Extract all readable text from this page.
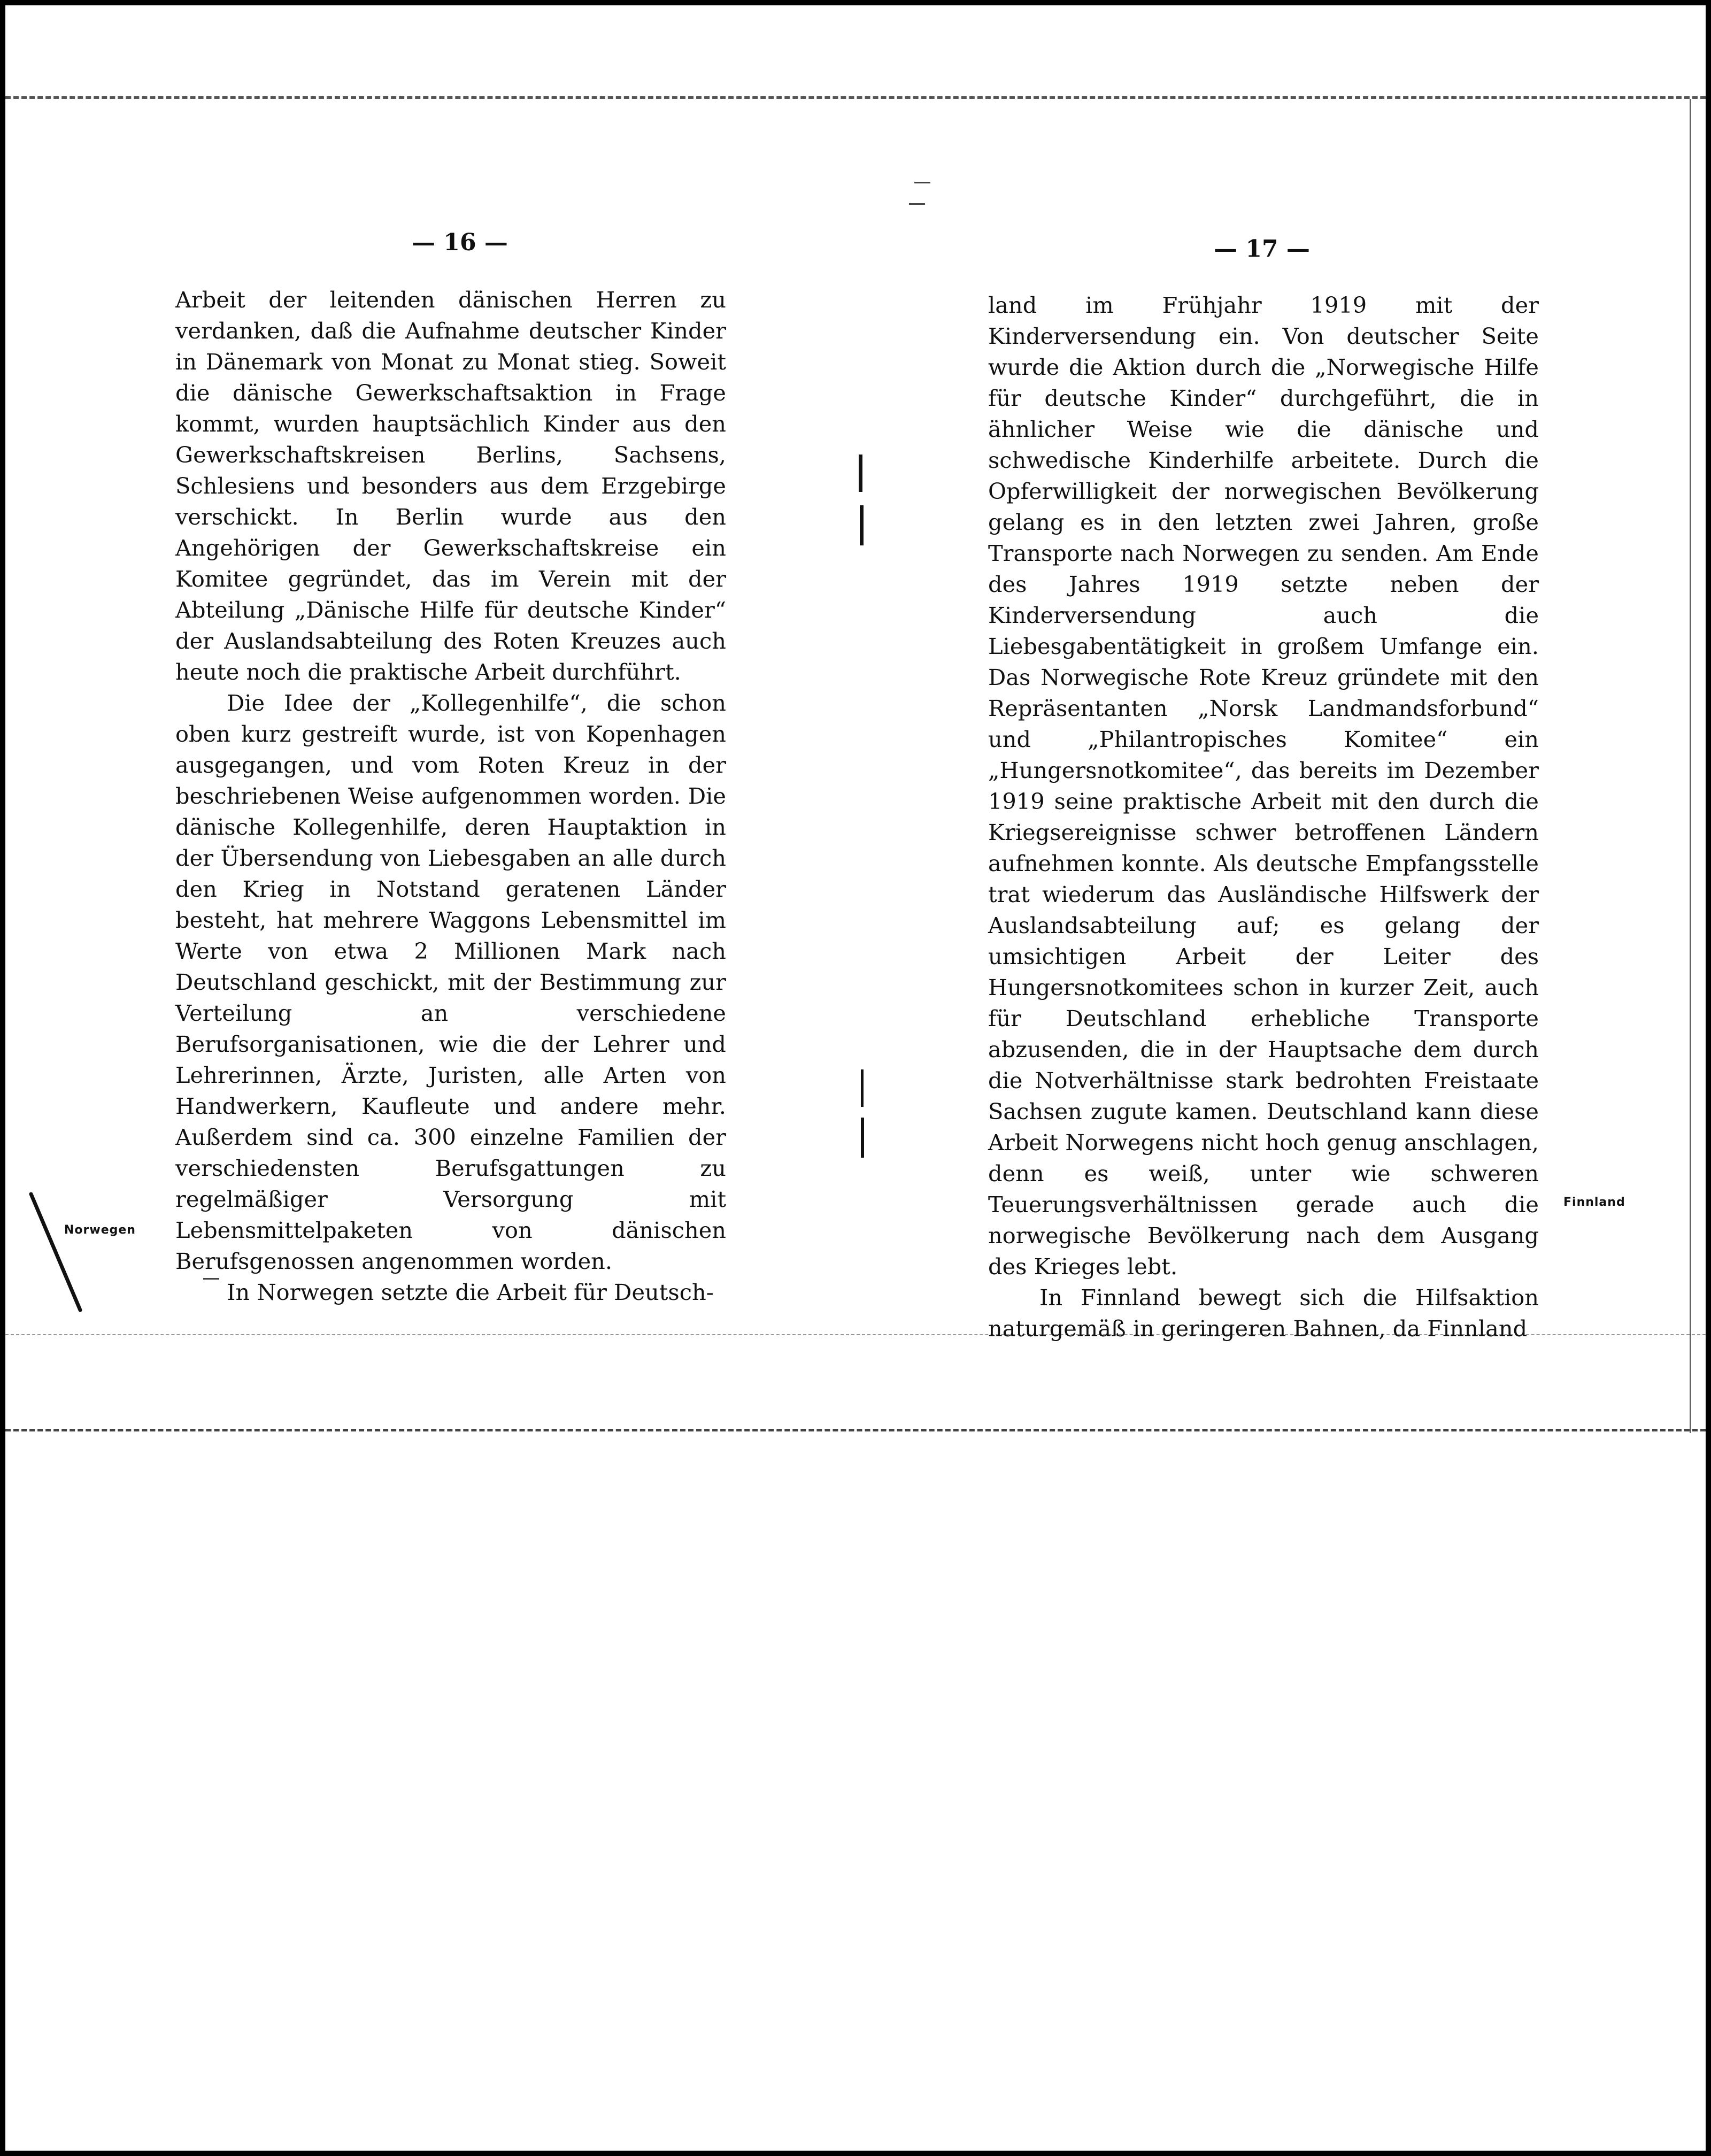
— 16 —

Arbeit der leitenden dänischen Herren zu verdanken, daß die Aufnahme deutscher Kinder in Dänemark von Monat zu Monat stieg. Soweit die dänische Gewerkschaftsaktion in Frage kommt, wurden hauptsächlich Kinder aus den Gewerkschaftskreisen Berlins, Sachsens, Schlesiens und besonders aus dem Erzgebirge verschickt. In Berlin wurde aus den Angehörigen der Gewerkschaftskreise ein Komitee gegründet, das im Verein mit der Abteilung „Dänische Hilfe für deutsche Kinder“ der Auslandsabteilung des Roten Kreuzes auch heute noch die praktische Arbeit durchführt.

Die Idee der „Kollegenhilfe“, die schon oben kurz gestreift wurde, ist von Kopenhagen ausgegangen, und vom Roten Kreuz in der beschriebenen Weise aufgenommen worden. Die dänische Kollegenhilfe, deren Hauptaktion in der Übersendung von Liebesgaben an alle durch den Krieg in Notstand geratenen Länder besteht, hat mehrere Waggons Lebensmittel im Werte von etwa 2 Millionen Mark nach Deutschland geschickt, mit der Bestimmung zur Verteilung an verschiedene Berufsorganisationen, wie die der Lehrer und Lehrerinnen, Ärzte, Juristen, alle Arten von Handwerkern, Kaufleute und andere mehr. Außerdem sind ca. 300 einzelne Familien der verschiedensten Berufsgattungen zu regelmäßiger Versorgung mit Lebensmittelpaketen von dänischen Berufsgenossen angenommen worden.

In Norwegen setzte die Arbeit für Deutsch-

Norwegen
— 17 —

land im Frühjahr 1919 mit der Kinderversendung ein. Von deutscher Seite wurde die Aktion durch die „Norwegische Hilfe für deutsche Kinder“ durchgeführt, die in ähnlicher Weise wie die dänische und schwedische Kinderhilfe arbeitete. Durch die Opferwilligkeit der norwegischen Bevölkerung gelang es in den letzten zwei Jahren, große Transporte nach Norwegen zu senden. Am Ende des Jahres 1919 setzte neben der Kinderversendung auch die Liebesgabentätigkeit in großem Umfange ein. Das Norwegische Rote Kreuz gründete mit den Repräsentanten „Norsk Landmandsforbund“ und „Philantropisches Komitee“ ein „Hungersnotkomitee“, das bereits im Dezember 1919 seine praktische Arbeit mit den durch die Kriegsereignisse schwer betroffenen Ländern aufnehmen konnte. Als deutsche Empfangsstelle trat wiederum das Ausländische Hilfswerk der Auslandsabteilung auf; es gelang der umsichtigen Arbeit der Leiter des Hungersnotkomitees schon in kurzer Zeit, auch für Deutschland erhebliche Transporte abzusenden, die in der Hauptsache dem durch die Notverhältnisse stark bedrohten Freistaate Sachsen zugute kamen. Deutschland kann diese Arbeit Norwegens nicht hoch genug anschlagen, denn es weiß, unter wie schweren Teuerungsverhältnissen gerade auch die norwegische Bevölkerung nach dem Ausgang des Krieges lebt.

In Finnland bewegt sich die Hilfsaktion naturgemäß in geringeren Bahnen, da Finnland

Finnland
